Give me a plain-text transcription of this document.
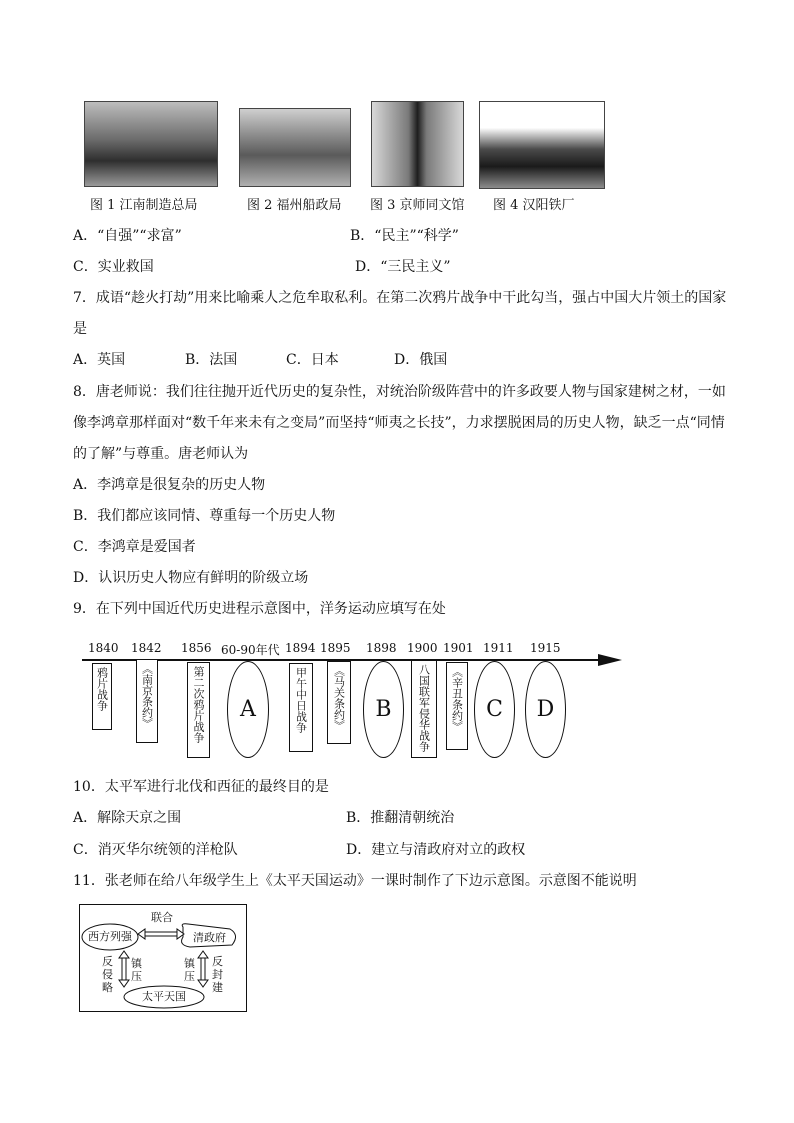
图 1 江南制造总局	图 2 福州船政局 图 3 京师同文馆 图 4 汉阳铁厂
A．“自强”“求富”	B．“民主”“科学”
C．实业救国	D．“三民主义”
7．成语“趁火打劫”用来比喻乘人之危牟取私利。在第二次鸦片战争中干此勾当，强占中国大片领土的国家
是
A．英国	B．法国	C．日本	D．俄国
8．唐老师说：我们往往抛开近代历史的复杂性，对统治阶级阵营中的许多政要人物与国家建树之材，一如
像李鸿章那样面对“数千年来未有之变局”而坚持“师夷之长技”，力求摆脱困局的历史人物，缺乏一点“同情
的了解”与尊重。唐老师认为
A．李鸿章是很复杂的历史人物
B．我们都应该同情、尊重每一个历史人物
C．李鸿章是爱国者
D．认识历史人物应有鲜明的阶级立场
9．在下列中国近代历史进程示意图中，洋务运动应填写在处
1840 1842 1856 60-90年代 1894 1895 1898 1900 1901 1911 1915
鸦片战争	《南京条约》	第二次鸦片战争	A	甲午中日战争	《马关条约》	B	八国联军侵华战争	《辛丑条约》	C	D
10．太平军进行北伐和西征的最终目的是
A．解除天京之围	B．推翻清朝统治
C．消灭华尔统领的洋枪队	D．建立与清政府对立的政权
11．张老师在给八年级学生上《太平天国运动》一课时制作了下边示意图。示意图不能说明
联合
西方列强	清政府
反侵略
镇压
镇压
反封建
太平天国
